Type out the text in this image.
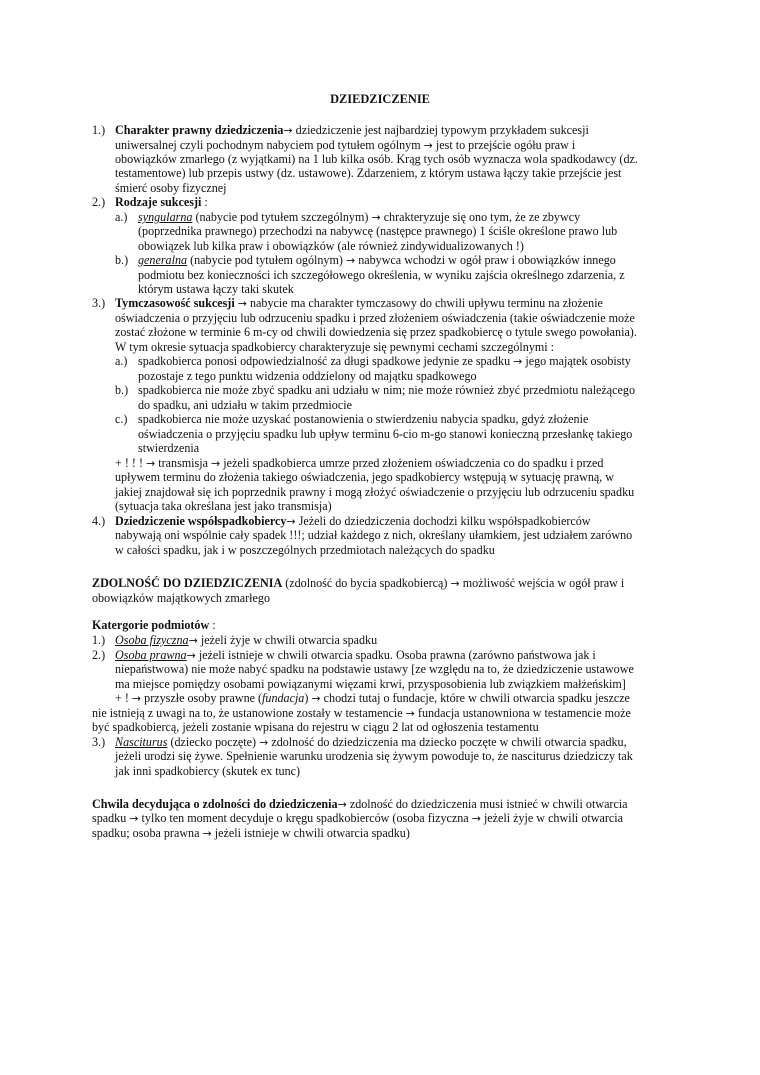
DZIEDZICZENIE
1.) Charakter prawny dziedziczenia→ dziedziczenie jest najbardziej typowym przykładem sukcesji
uniwersalnej czyli pochodnym nabyciem pod tytułem ogólnym → jest to przejście ogółu praw i
obowiązków zmarłego (z wyjątkami) na 1 lub kilka osób. Krąg tych osób wyznacza wola spadkodawcy (dz.
testamentowe) lub przepis ustwy (dz. ustawowe). Zdarzeniem, z którym ustawa łączy takie przejście jest
śmierć osoby fizycznej
2.) Rodzaje sukcesji :
a.) syngularna (nabycie pod tytułem szczególnym) → chrakteryzuje się ono tym, że ze zbywcy
(poprzednika prawnego) przechodzi na nabywcę (następce prawnego) 1 ściśle określone prawo lub
obowiązek lub kilka praw i obowiązków (ale również zindywidualizowanych !)
b.) generalna (nabycie pod tytułem ogólnym) → nabywca wchodzi w ogół praw i obowiązków innego
podmiotu bez konieczności ich szczegółowego określenia, w wyniku zajścia określnego zdarzenia, z
którym ustawa łączy taki skutek
3.) Tymczasowość sukcesji → nabycie ma charakter tymczasowy do chwili upływu terminu na złożenie
oświadczenia o przyjęciu lub odrzuceniu spadku i przed złożeniem oświadczenia (takie oświadczenie może
zostać złożone w terminie 6 m-cy od chwili dowiedzenia się przez spadkobiercę o tytule swego powołania).
W tym okresie sytuacja spadkobiercy charakteryzuje się pewnymi cechami szczególnymi :
a.) spadkobierca ponosi odpowiedzialność za długi spadkowe jedynie ze spadku → jego majątek osobisty
pozostaje z tego punktu widzenia oddzielony od majątku spadkowego
b.) spadkobierca nie może zbyć spadku ani udziału w nim; nie może również zbyć przedmiotu należącego
do spadku, ani udziału w takim przedmiocie
c.) spadkobierca nie może uzyskać postanowienia o stwierdzeniu nabycia spadku, gdyż złożenie
oświadczenia o przyjęciu spadku lub upływ terminu 6-cio m-go stanowi konieczną przesłankę takiego
stwierdzenia
+ ! ! ! → transmisja → jeżeli spadkobierca umrze przed złożeniem oświadczenia co do spadku i przed
upływem terminu do złożenia takiego oświadczenia, jego spadkobiercy wstępują w sytuację prawną, w
jakiej znajdował się ich poprzednik prawny i mogą złożyć oświadczenie o przyjęciu lub odrzuceniu spadku
(sytuacja taka określana jest jako transmisja)
4.) Dziedziczenie współspadkobiercy→ Jeżeli do dziedziczenia dochodzi kilku współspadkobierców
nabywają oni wspólnie cały spadek !!!; udział każdego z nich, określany ułamkiem, jest udziałem zarówno
w całości spadku, jak i w poszczególnych przedmiotach należących do spadku
ZDOLNOŚĆ DO DZIEDZICZENIA (zdolność do bycia spadkobiercą) → możliwość wejścia w ogół praw i
obowiązków majątkowych zmarłego
Katergorie podmiotów :
1.) Osoba fizyczna→ jeżeli żyje w chwili otwarcia spadku
2.) Osoba prawna→ jeżeli istnieje w chwili otwarcia spadku. Osoba prawna (zarówno państwowa jak i
niepaństwowa) nie może nabyć spadku na podstawie ustawy [ze względu na to, że dziedziczenie ustawowe
ma miejsce pomiędzy osobami powiązanymi więzami krwi, przysposobienia lub związkiem małżeńskim]
+ ! → przyszłe osoby prawne (fundacja) → chodzi tutaj o fundacje, które w chwili otwarcia spadku jeszcze
nie istnieją z uwagi na to, że ustanowione zostały w testamencie → fundacja ustanowniona w testamencie może
być spadkobiercą, jeżeli zostanie wpisana do rejestru w ciągu 2 lat od ogłoszenia testamentu
3.) Nasciturus (dziecko poczęte) → zdolność do dziedziczenia ma dziecko poczęte w chwili otwarcia spadku,
jeżeli urodzi się żywe. Spełnienie warunku urodzenia się żywym powoduje to, że nasciturus dziedziczy tak
jak inni spadkobiercy (skutek ex tunc)
Chwila decydująca o zdolności do dziedziczenia→ zdolność do dziedziczenia musi istnieć w chwili otwarcia
spadku → tylko ten moment decyduje o kręgu spadkobierców (osoba fizyczna → jeżeli żyje w chwili otwarcia
spadku; osoba prawna → jeżeli istnieje w chwili otwarcia spadku)
